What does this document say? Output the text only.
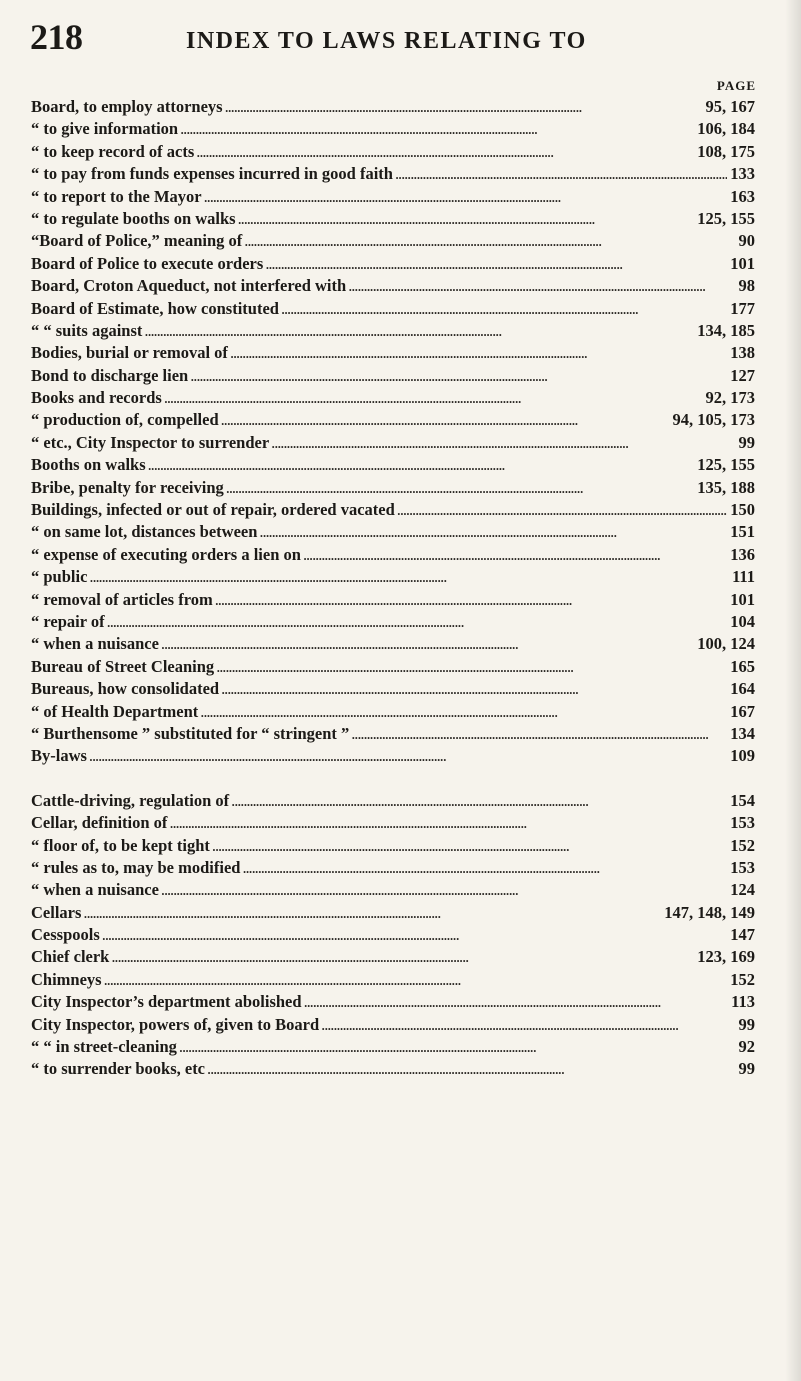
218	INDEX TO LAWS RELATING TO
PAGE
Board, to employ attorneys . . .	95, 167
“ to give information . . .	106, 184
“ to keep record of acts . . .	108, 175
“ to pay from funds expenses incurred in good faith . . .	133
“ to report to the Mayor . . .	163
“ to regulate booths on walks . . .	125, 155
“Board of Police,” meaning of . . .	90
Board of Police to execute orders . . .	101
Board, Croton Aqueduct, not interfered with . . .	98
Board of Estimate, how constituted . . .	177
“ “ suits against . . .	134, 185
Bodies, burial or removal of . . .	138
Bond to discharge lien . . .	127
Books and records . . .	92, 173
“ production of, compelled . . .	94, 105, 173
“ etc., City Inspector to surrender . . .	99
Booths on walks . . .	125, 155
Bribe, penalty for receiving . . .	135, 188
Buildings, infected or out of repair, ordered vacated . . .	150
“ on same lot, distances between . . .	151
“ expense of executing orders a lien on . . .	136
“ public . . .	111
“ removal of articles from . . .	101
“ repair of . . .	104
“ when a nuisance . . .	100, 124
Bureau of Street Cleaning . . .	165
Bureaus, how consolidated . . .	164
“ of Health Department . . .	167
“ Burthensome ” substituted for “ stringent ” . . .	134
By-laws . . .	109
Cattle-driving, regulation of . . .	154
Cellar, definition of . . .	153
“ floor of, to be kept tight . . .	152
“ rules as to, may be modified . . .	153
“ when a nuisance . . .	124
Cellars . . .	147, 148, 149
Cesspools . . .	147
Chief clerk . . .	123, 169
Chimneys . . .	152
City Inspector’s department abolished . . .	113
City Inspector, powers of, given to Board . . .	99
“ “ in street-cleaning . . .	92
“ to surrender books, etc . . .	99
